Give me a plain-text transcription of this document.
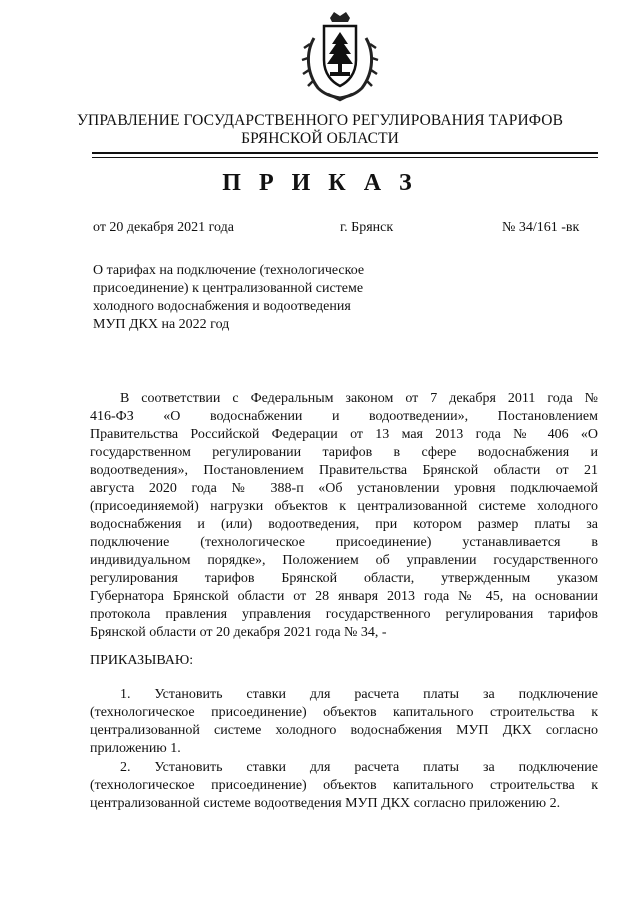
УПРАВЛЕНИЕ ГОСУДАРСТВЕННОГО РЕГУЛИРОВАНИЯ ТАРИФОВ
БРЯНСКОЙ ОБЛАСТИ
П Р И К А З
от 20 декабря 2021 года	г. Брянск	№ 34/161 -вк
О тарифах на подключение (технологическое
присоединение) к централизованной системе
холодного водоснабжения и водоотведения
МУП ДКХ на 2022 год
В соответствии с Федеральным законом от 7 декабря 2011 года №
416-ФЗ «О водоснабжении и водоотведении», Постановлением
Правительства Российской Федерации от 13 мая 2013 года № 406 «О
государственном регулировании тарифов в сфере водоснабжения и
водоотведения», Постановлением Правительства Брянской области от 21
августа 2020 года № 388-п «Об установлении уровня подключаемой
(присоединяемой) нагрузки объектов к централизованной системе холодного
водоснабжения и (или) водоотведения, при котором размер платы за
подключение (технологическое присоединение) устанавливается в
индивидуальном порядке», Положением об управлении государственного
регулирования тарифов Брянской области, утвержденным указом
Губернатора Брянской области от 28 января 2013 года № 45, на основании
протокола правления управления государственного регулирования тарифов
Брянской области от 20 декабря 2021 года № 34, -
ПРИКАЗЫВАЮ:
1. Установить ставки для расчета платы за подключение
(технологическое присоединение) объектов капитального строительства к
централизованной системе холодного водоснабжения МУП ДКХ согласно
приложению 1.
2. Установить ставки для расчета платы за подключение
(технологическое присоединение) объектов капитального строительства к
централизованной системе водоотведения МУП ДКХ согласно приложению 2.
